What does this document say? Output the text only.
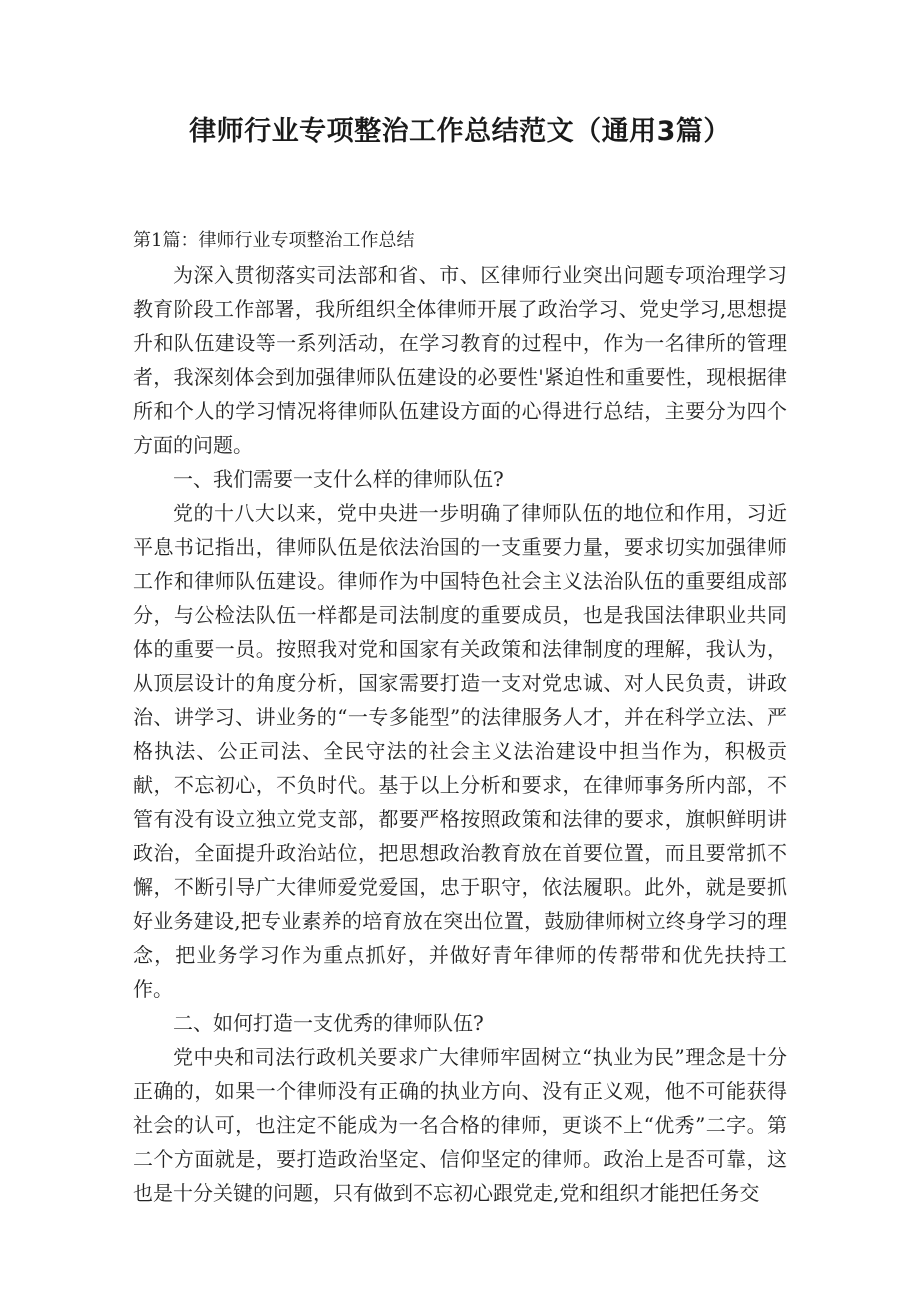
律师行业专项整治工作总结范文（通用3篇）

第1篇：律师行业专项整治工作总结

为深入贯彻落实司法部和省、市、区律师行业突出问题专项治理学习教育阶段工作部署，我所组织全体律师开展了政治学习、党史学习,思想提升和队伍建设等一系列活动，在学习教育的过程中，作为一名律所的管理者，我深刻体会到加强律师队伍建设的必要性'紧迫性和重要性，现根据律所和个人的学习情况将律师队伍建设方面的心得进行总结，主要分为四个方面的问题。

一、我们需要一支什么样的律师队伍?

党的十八大以来，党中央进一步明确了律师队伍的地位和作用，习近平息书记指出，律师队伍是依法治国的一支重要力量，要求切实加强律师工作和律师队伍建设。律师作为中国特色社会主义法治队伍的重要组成部分，与公检法队伍一样都是司法制度的重要成员，也是我国法律职业共同体的重要一员。按照我对党和国家有关政策和法律制度的理解，我认为，从顶层设计的角度分析，国家需要打造一支对党忠诚、对人民负责，讲政治、讲学习、讲业务的“一专多能型”的法律服务人才，并在科学立法、严格执法、公正司法、全民守法的社会主义法治建设中担当作为，积极贡献，不忘初心，不负时代。基于以上分析和要求，在律师事务所内部，不管有没有设立独立党支部，都要严格按照政策和法律的要求，旗帜鲜明讲政治，全面提升政治站位，把思想政治教育放在首要位置，而且要常抓不懈，不断引导广大律师爱党爱国，忠于职守，依法履职。此外，就是要抓好业务建设,把专业素养的培育放在突出位置，鼓励律师树立终身学习的理念，把业务学习作为重点抓好，并做好青年律师的传帮带和优先扶持工作。

二、如何打造一支优秀的律师队伍?

党中央和司法行政机关要求广大律师牢固树立“执业为民”理念是十分正确的，如果一个律师没有正确的执业方向、没有正义观，他不可能获得社会的认可，也注定不能成为一名合格的律师，更谈不上“优秀”二字。第二个方面就是，要打造政治坚定、信仰坚定的律师。政治上是否可靠，这也是十分关键的问题，只有做到不忘初心跟党走,党和组织才能把任务交
